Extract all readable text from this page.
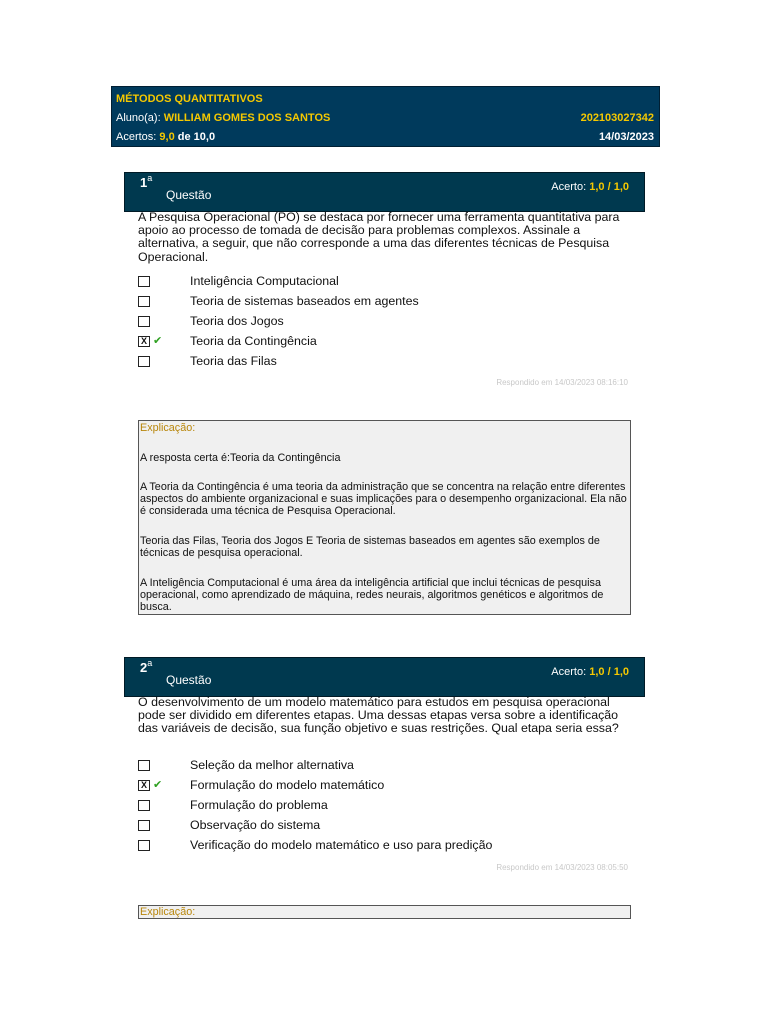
MÉTODOS QUANTITATIVOS
Aluno(a): WILLIAM GOMES DOS SANTOS	202103027342
Acertos: 9,0 de 10,0	14/03/2023
1$^a$
Questão
Acerto: 1,0 / 1,0
A Pesquisa Operacional (PO) se destaca por fornecer uma ferramenta quantitativa para apoio ao processo de tomada de decisão para problemas complexos. Assinale a alternativa, a seguir, que não corresponde a uma das diferentes técnicas de Pesquisa Operacional.
Inteligência Computacional
Teoria de sistemas baseados em agentes
Teoria dos Jogos
X ✔ Teoria da Contingência
Teoria das Filas
Respondido em 14/03/2023 08:16:10

Explicação:

A resposta certa é:Teoria da Contingência

A Teoria da Contingência é uma teoria da administração que se concentra na relação entre diferentes aspectos do ambiente organizacional e suas implicações para o desempenho organizacional. Ela não é considerada uma técnica de Pesquisa Operacional.

Teoria das Filas, Teoria dos Jogos E Teoria de sistemas baseados em agentes são exemplos de técnicas de pesquisa operacional.

A Inteligência Computacional é uma área da inteligência artificial que inclui técnicas de pesquisa operacional, como aprendizado de máquina, redes neurais, algoritmos genéticos e algoritmos de busca.

2$^a$
Questão
Acerto: 1,0 / 1,0
O desenvolvimento de um modelo matemático para estudos em pesquisa operacional pode ser dividido em diferentes etapas. Uma dessas etapas versa sobre a identificação das variáveis de decisão, sua função objetivo e suas restrições. Qual etapa seria essa?
Seleção da melhor alternativa
X ✔ Formulação do modelo matemático
Formulação do problema
Observação do sistema
Verificação do modelo matemático e uso para predição
Respondido em 14/03/2023 08:05:50

Explicação:
